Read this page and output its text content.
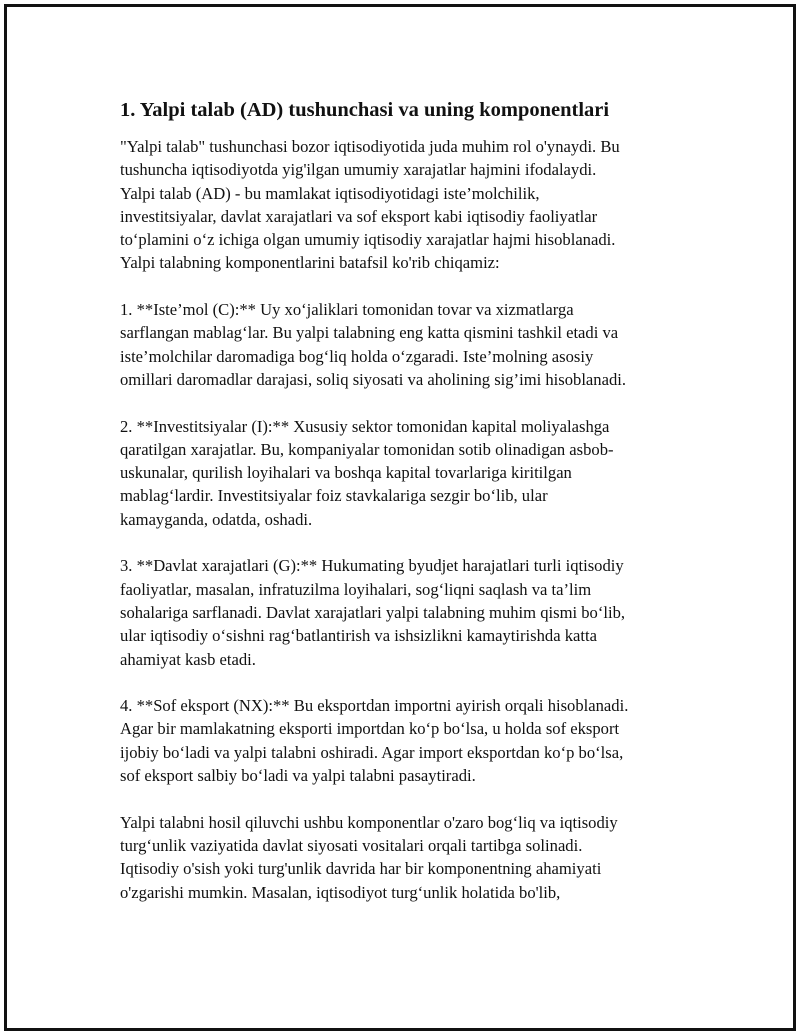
1. Yalpi talab (AD) tushunchasi va uning komponentlari

"Yalpi talab" tushunchasi bozor iqtisodiyotida juda muhim rol o'ynaydi. Bu
tushuncha iqtisodiyotda yig'ilgan umumiy xarajatlar hajmini ifodalaydi.
Yalpi talab (AD) - bu mamlakat iqtisodiyotidagi iste’molchilik,
investitsiyalar, davlat xarajatlari va sof eksport kabi iqtisodiy faoliyatlar
to‘plamini o‘z ichiga olgan umumiy iqtisodiy xarajatlar hajmi hisoblanadi.
Yalpi talabning komponentlarini batafsil ko'rib chiqamiz:

1. **Iste’mol (C):** Uy xo‘jaliklari tomonidan tovar va xizmatlarga
sarflangan mablag‘lar. Bu yalpi talabning eng katta qismini tashkil etadi va
iste’molchilar daromadiga bog‘liq holda o‘zgaradi. Iste’molning asosiy
omillari daromadlar darajasi, soliq siyosati va aholining sig’imi hisoblanadi.

2. **Investitsiyalar (I):** Xususiy sektor tomonidan kapital moliyalashga
qaratilgan xarajatlar. Bu, kompaniyalar tomonidan sotib olinadigan asbob-
uskunalar, qurilish loyihalari va boshqa kapital tovarlariga kiritilgan
mablag‘lardir. Investitsiyalar foiz stavkalariga sezgir bo‘lib, ular
kamayganda, odatda, oshadi.

3. **Davlat xarajatlari (G):** Hukumating byudjet harajatlari turli iqtisodiy
faoliyatlar, masalan, infratuzilma loyihalari, sog‘liqni saqlash va ta’lim
sohalariga sarflanadi. Davlat xarajatlari yalpi talabning muhim qismi bo‘lib,
ular iqtisodiy o‘sishni rag‘batlantirish va ishsizlikni kamaytirishda katta
ahamiyat kasb etadi.

4. **Sof eksport (NX):** Bu eksportdan importni ayirish orqali hisoblanadi.
Agar bir mamlakatning eksporti importdan ko‘p bo‘lsa, u holda sof eksport
ijobiy bo‘ladi va yalpi talabni oshiradi. Agar import eksportdan ko‘p bo‘lsa,
sof eksport salbiy bo‘ladi va yalpi talabni pasaytiradi.

Yalpi talabni hosil qiluvchi ushbu komponentlar o'zaro bog‘liq va iqtisodiy
turg‘unlik vaziyatida davlat siyosati vositalari orqali tartibga solinadi.
Iqtisodiy o'sish yoki turg'unlik davrida har bir komponentning ahamiyati
o'zgarishi mumkin. Masalan, iqtisodiyot turg‘unlik holatida bo'lib,
